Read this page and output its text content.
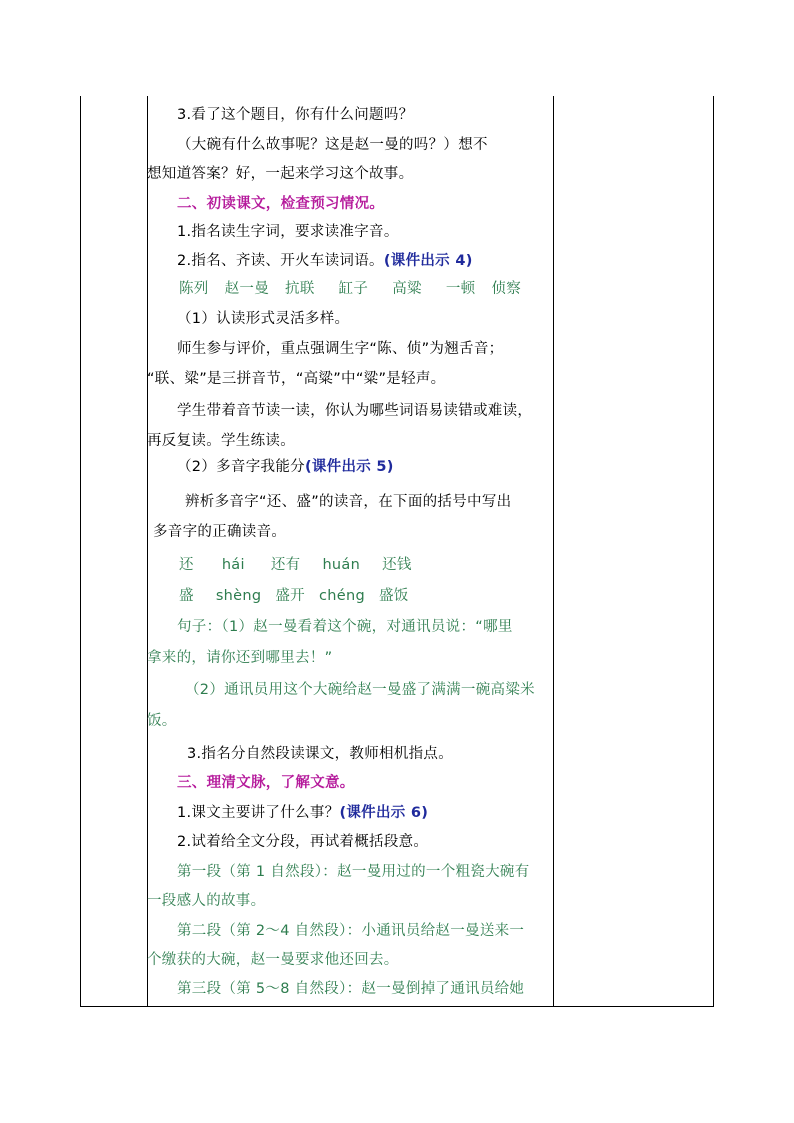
3.看了这个题目，你有什么问题吗？
（大碗有什么故事呢？这是赵一曼的吗？）想不
想知道答案？好，一起来学习这个故事。
二、初读课文，检查预习情况。
1.指名读生字词，要求读准字音。
2.指名、齐读、开火车读词语。(课件出示 4)
陈列 赵一曼 抗联 缸子 高粱 一顿 侦察
（1）认读形式灵活多样。
师生参与评价，重点强调生字“陈、侦”为翘舌音；
“联、粱”是三拼音节，“高粱”中“粱”是轻声。
学生带着音节读一读，你认为哪些词语易读错或难读，
再反复读。学生练读。
（2）多音字我能分(课件出示 5)
辨析多音字“还、盛”的读音，在下面的括号中写出
多音字的正确读音。
还 hái 还有 huán 还钱
盛 shèng 盛开 chéng 盛饭
句子：（1）赵一曼看着这个碗，对通讯员说：“哪里
拿来的，请你还到哪里去！”
（2）通讯员用这个大碗给赵一曼盛了满满一碗高粱米
饭。
3.指名分自然段读课文，教师相机指点。
三、理清文脉，了解文意。
1.课文主要讲了什么事？(课件出示 6)
2.试着给全文分段，再试着概括段意。
第一段（第 1 自然段）：赵一曼用过的一个粗瓷大碗有
一段感人的故事。
第二段（第 2～4 自然段）：小通讯员给赵一曼送来一
个缴获的大碗，赵一曼要求他还回去。
第三段（第 5～8 自然段）：赵一曼倒掉了通讯员给她
